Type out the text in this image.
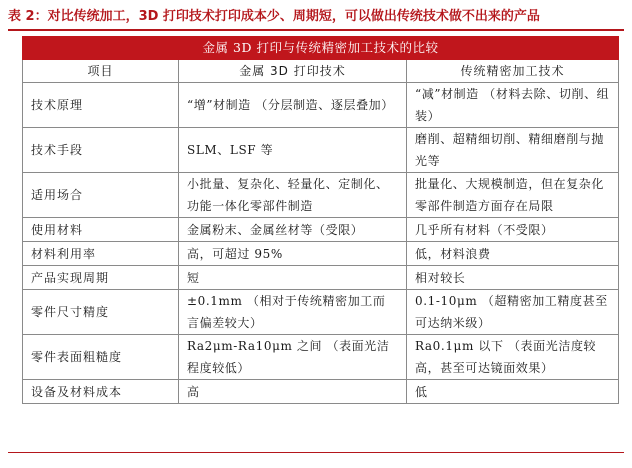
表 2：对比传统加工，3D 打印技术打印成本少、周期短，可以做出传统技术做不出来的产品
金属 3D 打印与传统精密加工技术的比较		
项目	金属 3D 打印技术	传统精密加工技术
技术原理	“增”材制造 （分层制造、逐层叠加）	“减”材制造 （材料去除、切削、组装）
技术手段	SLM、LSF 等	磨削、超精细切削、精细磨削与抛光等
适用场合	小批量、复杂化、轻量化、定制化、功能一体化零部件制造	批量化、大规模制造，但在复杂化零部件制造方面存在局限
使用材料	金属粉末、金属丝材等（受限）	几乎所有材料（不受限）
材料利用率	高，可超过 95%	低，材料浪费
产品实现周期	短	相对较长
零件尺寸精度	±0.1mm （相对于传统精密加工而言偏差较大）	0.1-10μm （超精密加工精度甚至可达纳米级）
零件表面粗糙度	Ra2μm-Ra10μm 之间 （表面光洁程度较低）	Ra0.1μm 以下 （表面光洁度较高，甚至可达镜面效果）
设备及材料成本	高	低
